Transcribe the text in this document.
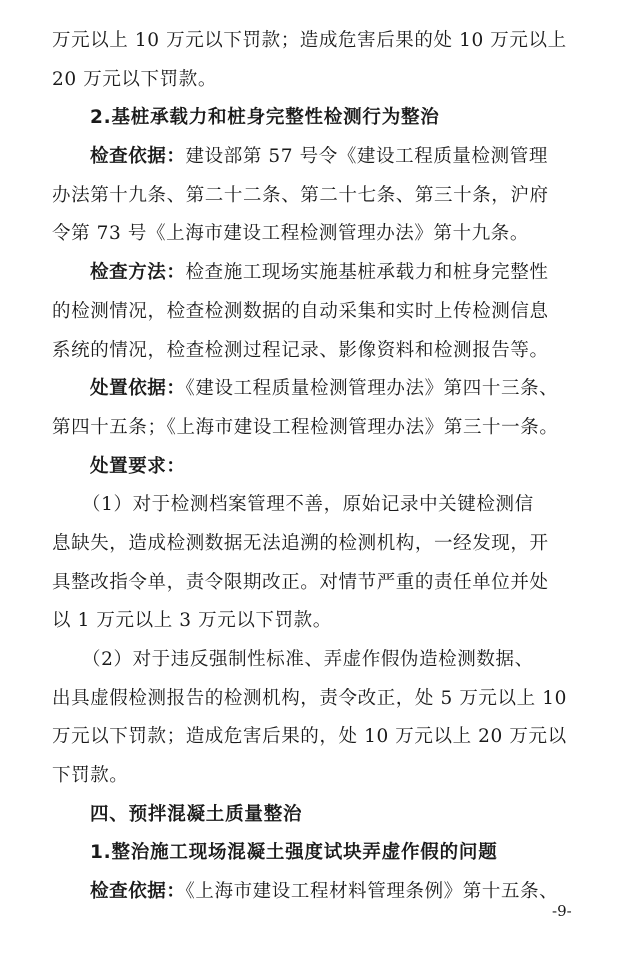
万元以上 10 万元以下罚款；造成危害后果的处 10 万元以上
20 万元以下罚款。
2.基桩承载力和桩身完整性检测行为整治
检查依据：建设部第 57 号令《建设工程质量检测管理
办法第十九条、第二十二条、第二十七条、第三十条，沪府
令第 73 号《上海市建设工程检测管理办法》第十九条。
检查方法：检查施工现场实施基桩承载力和桩身完整性
的检测情况，检查检测数据的自动采集和实时上传检测信息
系统的情况，检查检测过程记录、影像资料和检测报告等。
处置依据：《建设工程质量检测管理办法》第四十三条、
第四十五条；《上海市建设工程检测管理办法》第三十一条。
处置要求：
（1）对于检测档案管理不善，原始记录中关键检测信
息缺失，造成检测数据无法追溯的检测机构，一经发现，开
具整改指令单，责令限期改正。对情节严重的责任单位并处
以 1 万元以上 3 万元以下罚款。
（2）对于违反强制性标准、弄虚作假伪造检测数据、
出具虚假检测报告的检测机构，责令改正，处 5 万元以上 10
万元以下罚款；造成危害后果的，处 10 万元以上 20 万元以
下罚款。
四、预拌混凝土质量整治
1.整治施工现场混凝土强度试块弄虚作假的问题
检查依据：《上海市建设工程材料管理条例》第十五条、
-9-
